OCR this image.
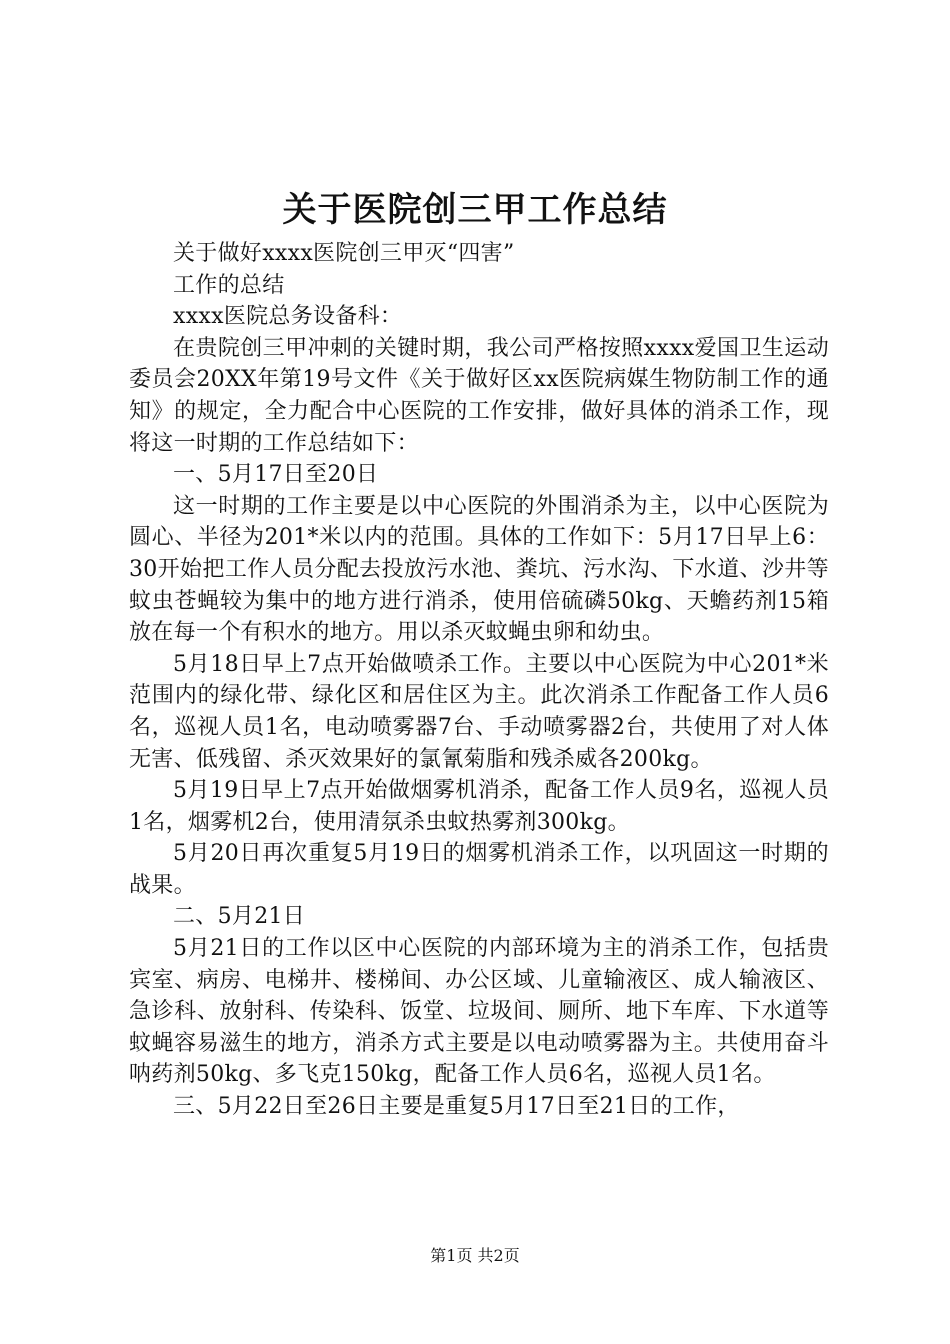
关于医院创三甲工作总结

关于做好xxxx医院创三甲灭“四害”

工作的总结

xxxx医院总务设备科：

在贵院创三甲冲刺的关键时期，我公司严格按照xxxx爱国卫生运动委员会20XX年第19号文件《关于做好区xx医院病媒生物防制工作的通知》的规定，全力配合中心医院的工作安排，做好具体的消杀工作，现将这一时期的工作总结如下：

一、5月17日至20日

这一时期的工作主要是以中心医院的外围消杀为主，以中心医院为圆心、半径为201*米以内的范围。具体的工作如下：5月17日早上6：30开始把工作人员分配去投放污水池、粪坑、污水沟、下水道、沙井等蚊虫苍蝇较为集中的地方进行消杀，使用倍硫磷50kg、天蟾药剂15箱放在每一个有积水的地方。用以杀灭蚊蝇虫卵和幼虫。

5月18日早上7点开始做喷杀工作。主要以中心医院为中心201*米范围内的绿化带、绿化区和居住区为主。此次消杀工作配备工作人员6名，巡视人员1名，电动喷雾器7台、手动喷雾器2台，共使用了对人体无害、低残留、杀灭效果好的氯氰菊脂和残杀威各200kg。

5月19日早上7点开始做烟雾机消杀，配备工作人员9名，巡视人员1名，烟雾机2台，使用清氛杀虫蚊热雾剂300kg。

5月20日再次重复5月19日的烟雾机消杀工作，以巩固这一时期的战果。

二、5月21日

5月21日的工作以区中心医院的内部环境为主的消杀工作，包括贵宾室、病房、电梯井、楼梯间、办公区域、儿童输液区、成人输液区、急诊科、放射科、传染科、饭堂、垃圾间、厕所、地下车库、下水道等蚊蝇容易滋生的地方，消杀方式主要是以电动喷雾器为主。共使用奋斗呐药剂50kg、多飞克150kg，配备工作人员6名，巡视人员1名。

三、5月22日至26日主要是重复5月17日至21日的工作，

第1页 共2页
